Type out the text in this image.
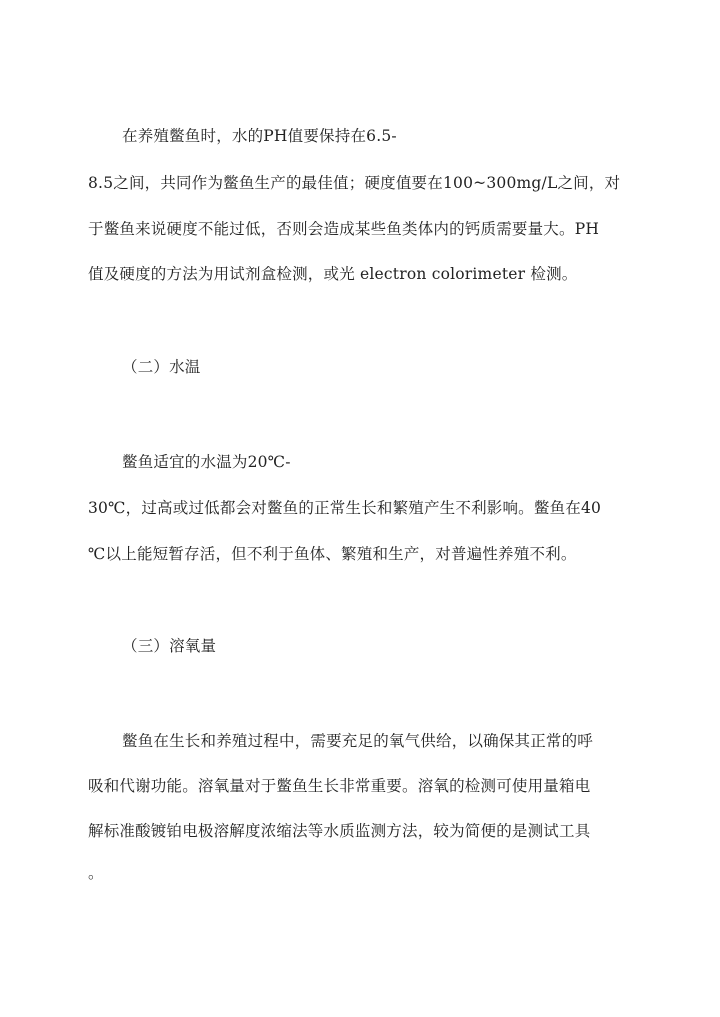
在养殖鳖鱼时，水的PH值要保持在6.5-
8.5之间，共同作为鳖鱼生产的最佳值；硬度值要在100~300mg/L之间，对
于鳖鱼来说硬度不能过低，否则会造成某些鱼类体内的钙质需要量大。PH
值及硬度的方法为用试剂盒检测，或光 electron colorimeter 检测。
（二）水温
鳖鱼适宜的水温为20℃-
30℃，过高或过低都会对鳖鱼的正常生长和繁殖产生不利影响。鳖鱼在40
℃以上能短暂存活，但不利于鱼体、繁殖和生产，对普遍性养殖不利。
（三）溶氧量
鳖鱼在生长和养殖过程中，需要充足的氧气供给，以确保其正常的呼
吸和代谢功能。溶氧量对于鳖鱼生长非常重要。溶氧的检测可使用量箱电
解标准酸镀铂电极溶解度浓缩法等水质监测方法，较为简便的是测试工具
。
